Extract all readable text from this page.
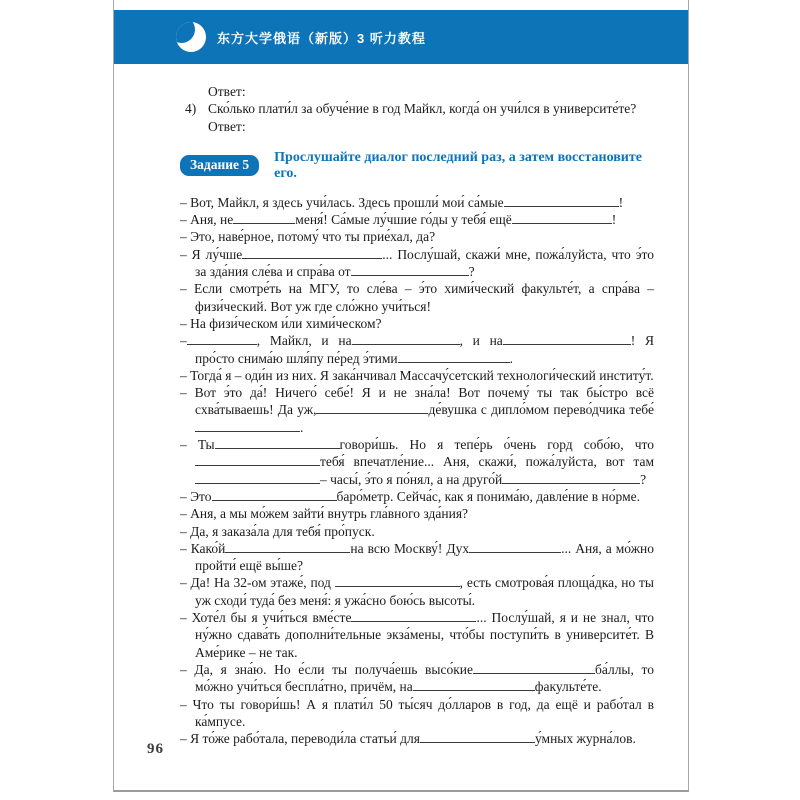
东方大学俄语（新版）3 听力教程
Ответ:
4) Ско́лько плати́л за обуче́ние в год Майкл, когда́ он учи́лся в университе́те?
Ответ:
Задание 5	Прослушайте диалог последний раз, а затем восстановите его.

– Вот, Майкл, я здесь учи́лась. Здесь прошли́ мои́ са́мые	!

– Аня, не	меня́! Са́мые лу́чшие го́ды у тебя́ ещё	!

– Это, наве́рное, потому́ что ты прие́хал, да?

– Я лу́чше	... Послу́шай, скажи́ мне, пожа́луйста, что э́то за зда́ния сле́ва и спра́ва от	?

– Если смотре́ть на МГУ, то сле́ва – э́то хими́ческий факульте́т, а спра́ва – физи́ческий. Вот уж где сло́жно учи́ться!

– На физи́ческом и́ли хими́ческом?

–	, Майкл, и на	, и на	! Я про́сто снима́ю шля́пу пе́ред э́тими	.

– Тогда́ я – оди́н из них. Я зака́нчивал Массачу́сетский технологи́ческий институ́т.

– Вот э́то да́! Ничего́ себе́! Я и не зна́ла! Вот почему́ ты так бы́стро всё схва́тываешь! Да уж,	де́вушка с дипло́мом перево́дчика тебе́.

– Ты	говори́шь. Но я тепе́рь о́чень горд собо́ю, чтотебя́ впечатле́ние... Аня, скажи́, пожа́луйста, вот там– часы́, э́то я по́нял, а на друго́й	?

– Это	баро́метр. Сейча́с, как я понима́ю, давле́ние в но́рме.

– Аня, а мы мо́жем зайти́ внутрь гла́вного зда́ния?

– Да, я заказа́ла для тебя́ про́пуск.

– Како́й	на всю Москву́! Дух	... Аня, а мо́жно пройти́ ещё вы́ше?

– Да! На 32-ом этаже́, под	, есть смотрова́я площа́дка, но ты уж сходи́ туда́ без меня́: я ужа́сно бою́сь высоты́.

– Хоте́л бы я учи́ться вме́сте	... Послу́шай, я и не знал, что ну́жно сдава́ть дополни́тельные экза́мены, что́бы поступи́ть в университе́т. В Аме́рике – не так.

– Да, я зна́ю. Но е́сли ты получа́ешь высо́кие	ба́ллы, то мо́жно учи́ться беспла́тно, причём, на	факульте́те.

– Что ты говори́шь! А я плати́л 50 ты́сяч до́лларов в год, да ещё и рабо́тал в ка́мпусе.

– Я то́же рабо́тала, переводи́ла статьи́ для	у́мных журна́лов.

96
